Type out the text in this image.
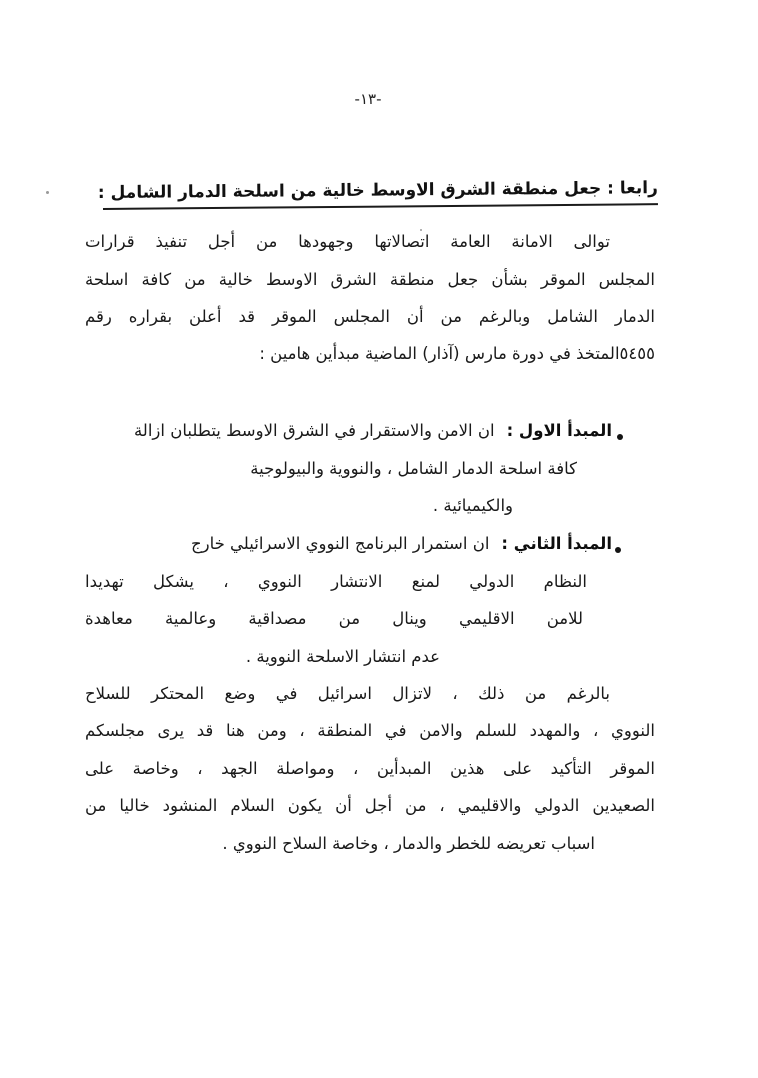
-١٣-
رابعا : جعل منطقة الشرق الاوسط خالية من اسلحة الدمار الشامل :
توالى الامانة العامة اتصالاتها وجهودها من أجل تنفيذ قرارات
المجلس الموقر بشأن جعل منطقة الشرق الاوسط خالية من كافة اسلحة
الدمار الشامل وبالرغم من أن المجلس الموقر قد أعلن بقراره رقم
٥٤٥٥المتخذ في دورة مارس (آذار) الماضية مبدأين هامين :
المبدأ الاول :ان الامن والاستقرار في الشرق الاوسط يتطلبان ازالة
كافة اسلحة الدمار الشامل ، والنووية والبيولوجية
والكيميائية .
المبدأ الثاني :ان استمرار البرنامج النووي الاسرائيلي خارج
النظام الدولي لمنع الانتشار النووي ، يشكل تهديدا
للامن الاقليمي وينال من مصداقية وعالمية معاهدة
عدم انتشار الاسلحة النووية .
بالرغم من ذلك ، لاتزال اسرائيل في وضع المحتكر للسلاح
النووي ، والمهدد للسلم والامن في المنطقة ، ومن هنا قد يرى مجلسكم
الموقر التأكيد على هذين المبدأين ، ومواصلة الجهد ، وخاصة على
الصعيدين الدولي والاقليمي ، من أجل أن يكون السلام المنشود خاليا من
اسباب تعريضه للخطر والدمار ، وخاصة السلاح النووي .
